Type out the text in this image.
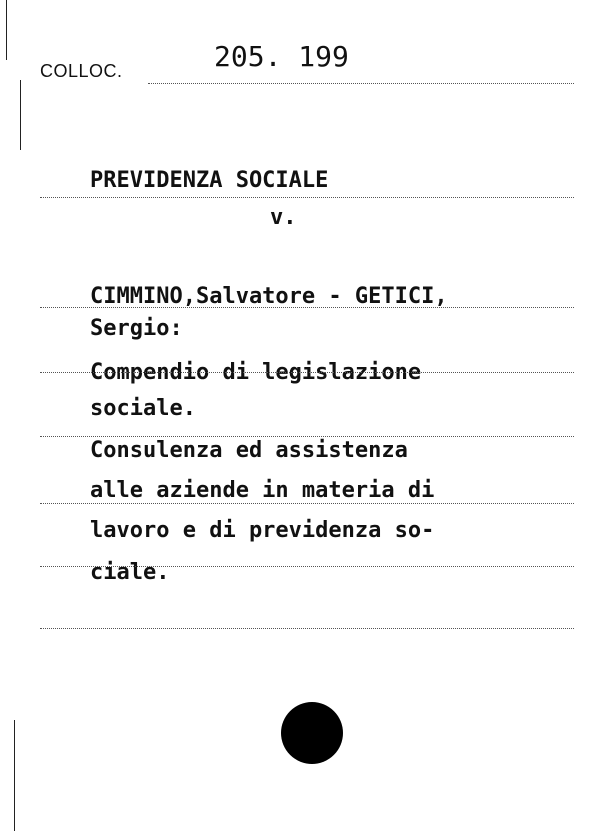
COLLOC.	205. 199
PREVIDENZA SOCIALE
v.
CIMMINO,Salvatore - GETICI,
Sergio:
Compendio di legislazione
sociale.
Consulenza ed assistenza
alle aziende in materia di
lavoro e di previdenza so-
ciale.
